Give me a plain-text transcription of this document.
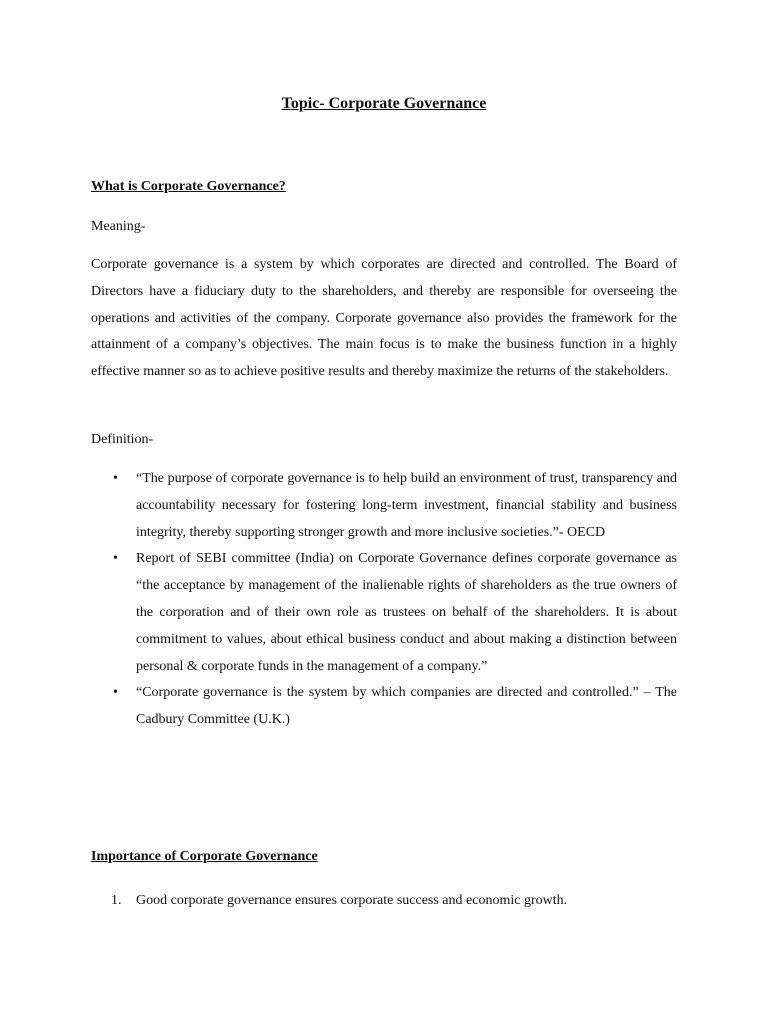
Topic- Corporate Governance
What is Corporate Governance?
Meaning-
Corporate governance is a system by which corporates are directed and controlled. The Board of Directors have a fiduciary duty to the shareholders, and thereby are responsible for overseeing the operations and activities of the company. Corporate governance also provides the framework for the attainment of a company’s objectives. The main focus is to make the business function in a highly effective manner so as to achieve positive results and thereby maximize the returns of the stakeholders.
Definition-
• “The purpose of corporate governance is to help build an environment of trust, transparency and accountability necessary for fostering long-term investment, financial stability and business integrity, thereby supporting stronger growth and more inclusive societies.”- OECD
• Report of SEBI committee (India) on Corporate Governance defines corporate governance as “the acceptance by management of the inalienable rights of shareholders as the true owners of the corporation and of their own role as trustees on behalf of the shareholders. It is about commitment to values, about ethical business conduct and about making a distinction between personal & corporate funds in the management of a company.”
• “Corporate governance is the system by which companies are directed and controlled.” – The Cadbury Committee (U.K.)
Importance of Corporate Governance
1. Good corporate governance ensures corporate success and economic growth.
